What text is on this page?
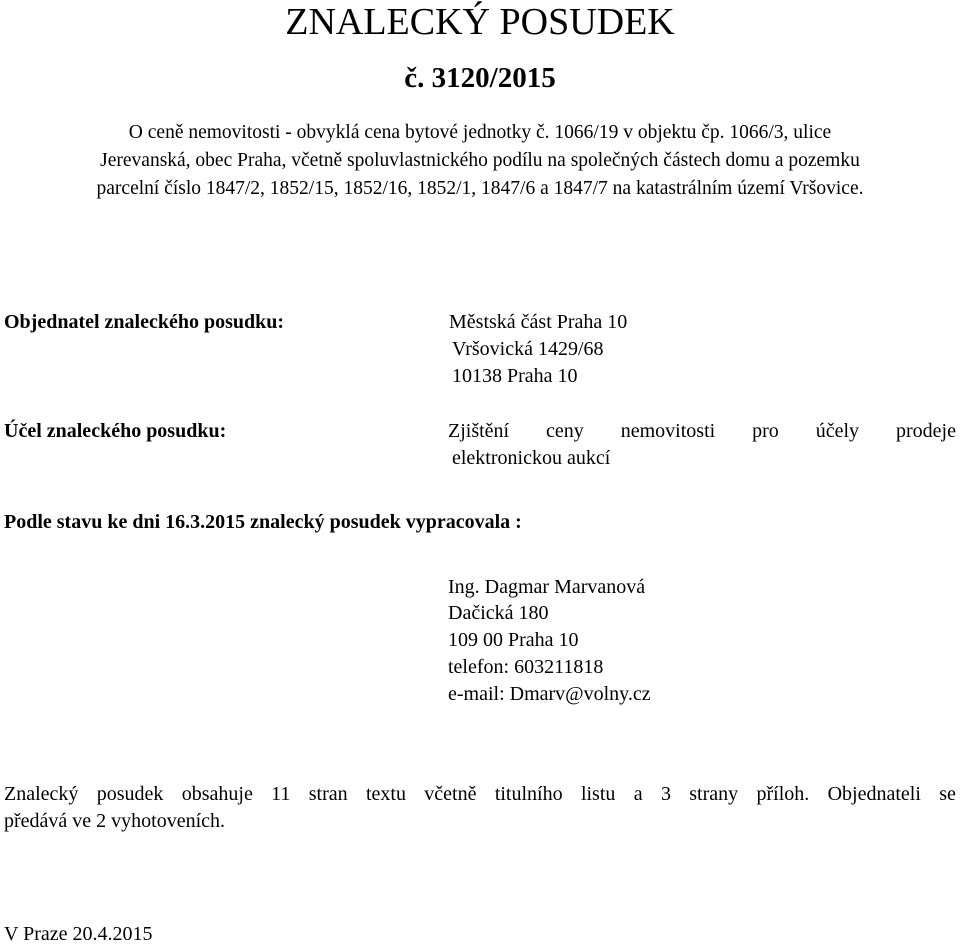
ZNALECKÝ POSUDEK
č. 3120/2015
O ceně nemovitosti - obvyklá cena bytové jednotky č. 1066/19 v objektu čp. 1066/3, ulice
Jerevanská, obec Praha, včetně spoluvlastnického podílu na společných částech domu a pozemku
parcelní číslo 1847/2, 1852/15, 1852/16, 1852/1, 1847/6 a 1847/7 na katastrálním území Vršovice.
Objednatel znaleckého posudku:	Městská část Praha 10
Vršovická 1429/68
10138 Praha 10
Účel znaleckého posudku:	Zjištění ceny nemovitosti pro účely prodeje
elektronickou aukcí
Podle stavu ke dni 16.3.2015 znalecký posudek vypracovala :
Ing. Dagmar Marvanová
Dačická 180
109 00 Praha 10
telefon: 603211818
e-mail: Dmarv@volny.cz
Znalecký posudek obsahuje 11 stran textu včetně titulního listu a 3 strany příloh. Objednateli se
předává ve 2 vyhotoveních.
V Praze 20.4.2015
